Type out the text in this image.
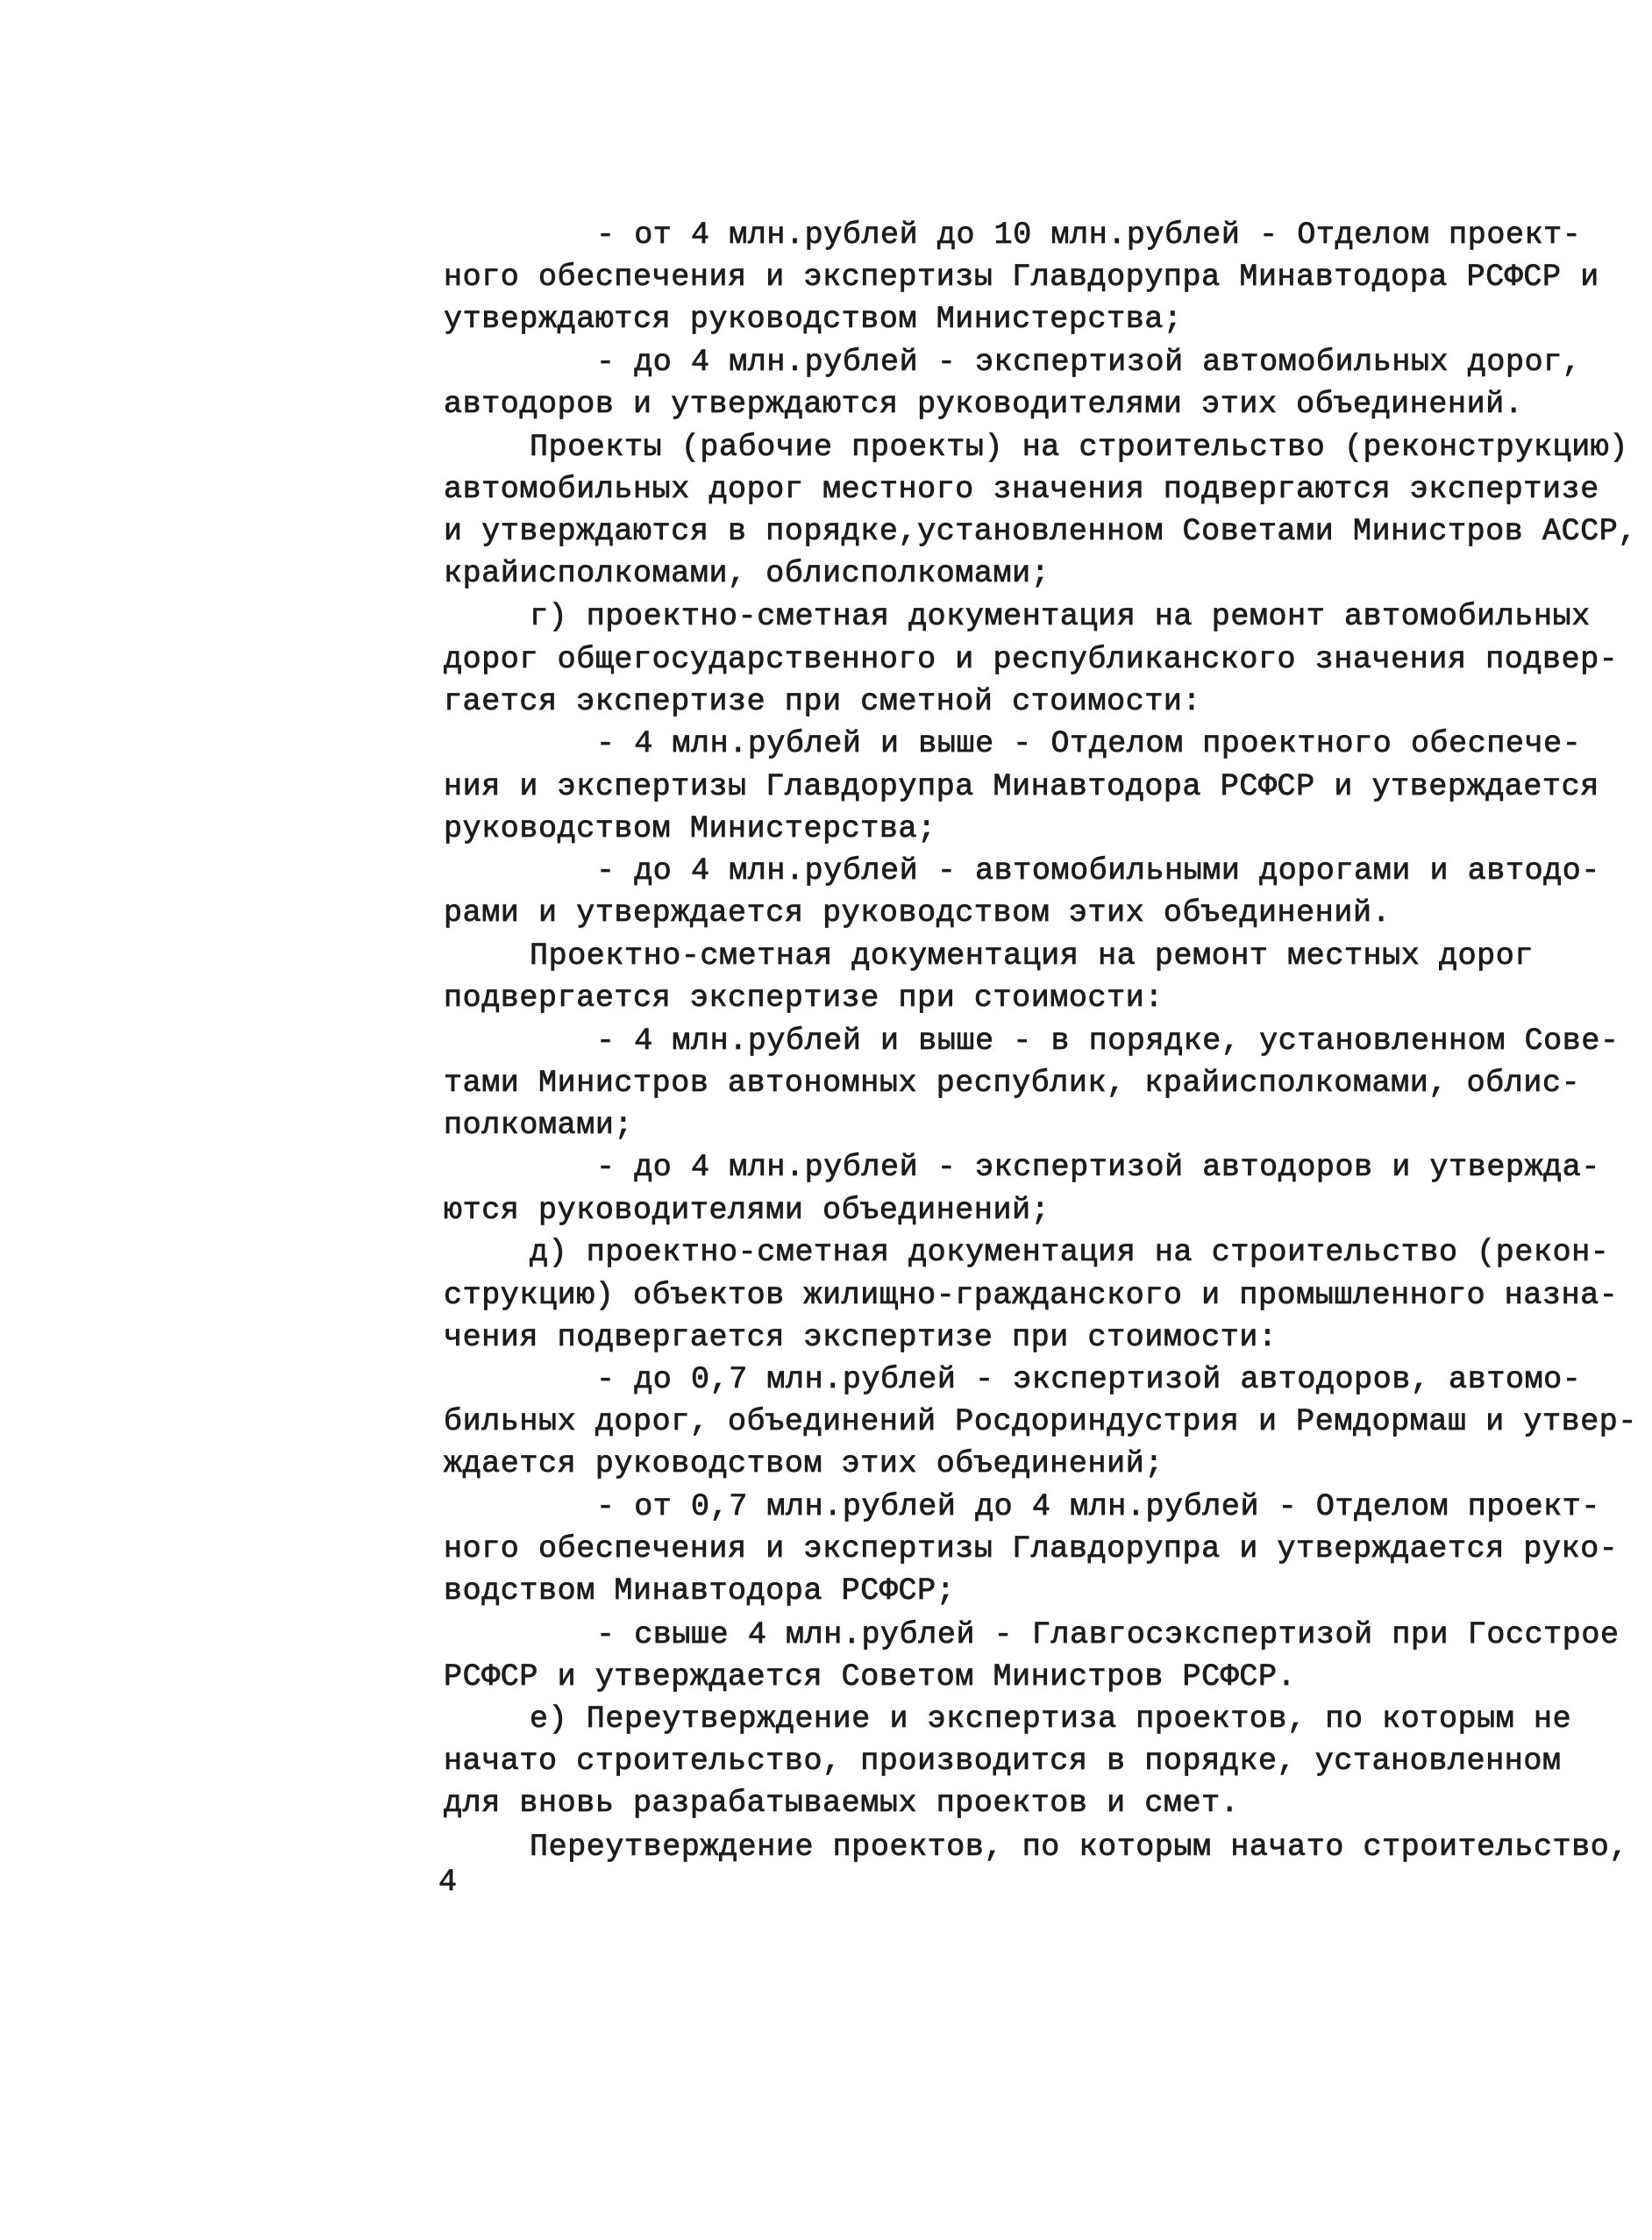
- от 4 млн.рублей до 10 млн.рублей - Отделом проект-

ного обеспечения и экспертизы Главдорупра Минавтодора РСФСР и

утверждаются руководством Министерства;

- до 4 млн.рублей - экспертизой автомобильных дорог,

автодоров и утверждаются руководителями этих объединений.

Проекты (рабочие проекты) на строительство (реконструкцию)

автомобильных дорог местного значения подвергаются экспертизе

и утверждаются в порядке,установленном Советами Министров АССР,

крайисполкомами, облисполкомами;

г) проектно-сметная документация на ремонт автомобильных

дорог общегосударственного и республиканского значения подвер-

гается экспертизе при сметной стоимости:

- 4 млн.рублей и выше - Отделом проектного обеспече-

ния и экспертизы Главдорупра Минавтодора РСФСР и утверждается

руководством Министерства;

- до 4 млн.рублей - автомобильными дорогами и автодо-

рами и утверждается руководством этих объединений.

Проектно-сметная документация на ремонт местных дорог

подвергается экспертизе при стоимости:

- 4 млн.рублей и выше - в порядке, установленном Сове-

тами Министров автономных республик, крайисполкомами, облис-

полкомами;

- до 4 млн.рублей - экспертизой автодоров и утвержда-

ются руководителями объединений;

д) проектно-сметная документация на строительство (рекон-

струкцию) объектов жилищно-гражданского и промышленного назна-

чения подвергается экспертизе при стоимости:

- до 0,7 млн.рублей - экспертизой автодоров, автомо-

бильных дорог, объединений Росдориндустрия и Ремдормаш и утвер-

ждается руководством этих объединений;

- от 0,7 млн.рублей до 4 млн.рублей - Отделом проект-

ного обеспечения и экспертизы Главдорупра и утверждается руко-

водством Минавтодора РСФСР;

- свыше 4 млн.рублей - Главгосэкспертизой при Госстрое

РСФСР и утверждается Советом Министров РСФСР.

е) Переутверждение и экспертиза проектов, по которым не

начато строительство, производится в порядке, установленном

для вновь разрабатываемых проектов и смет.

Переутверждение проектов, по которым начато строительство,

4
